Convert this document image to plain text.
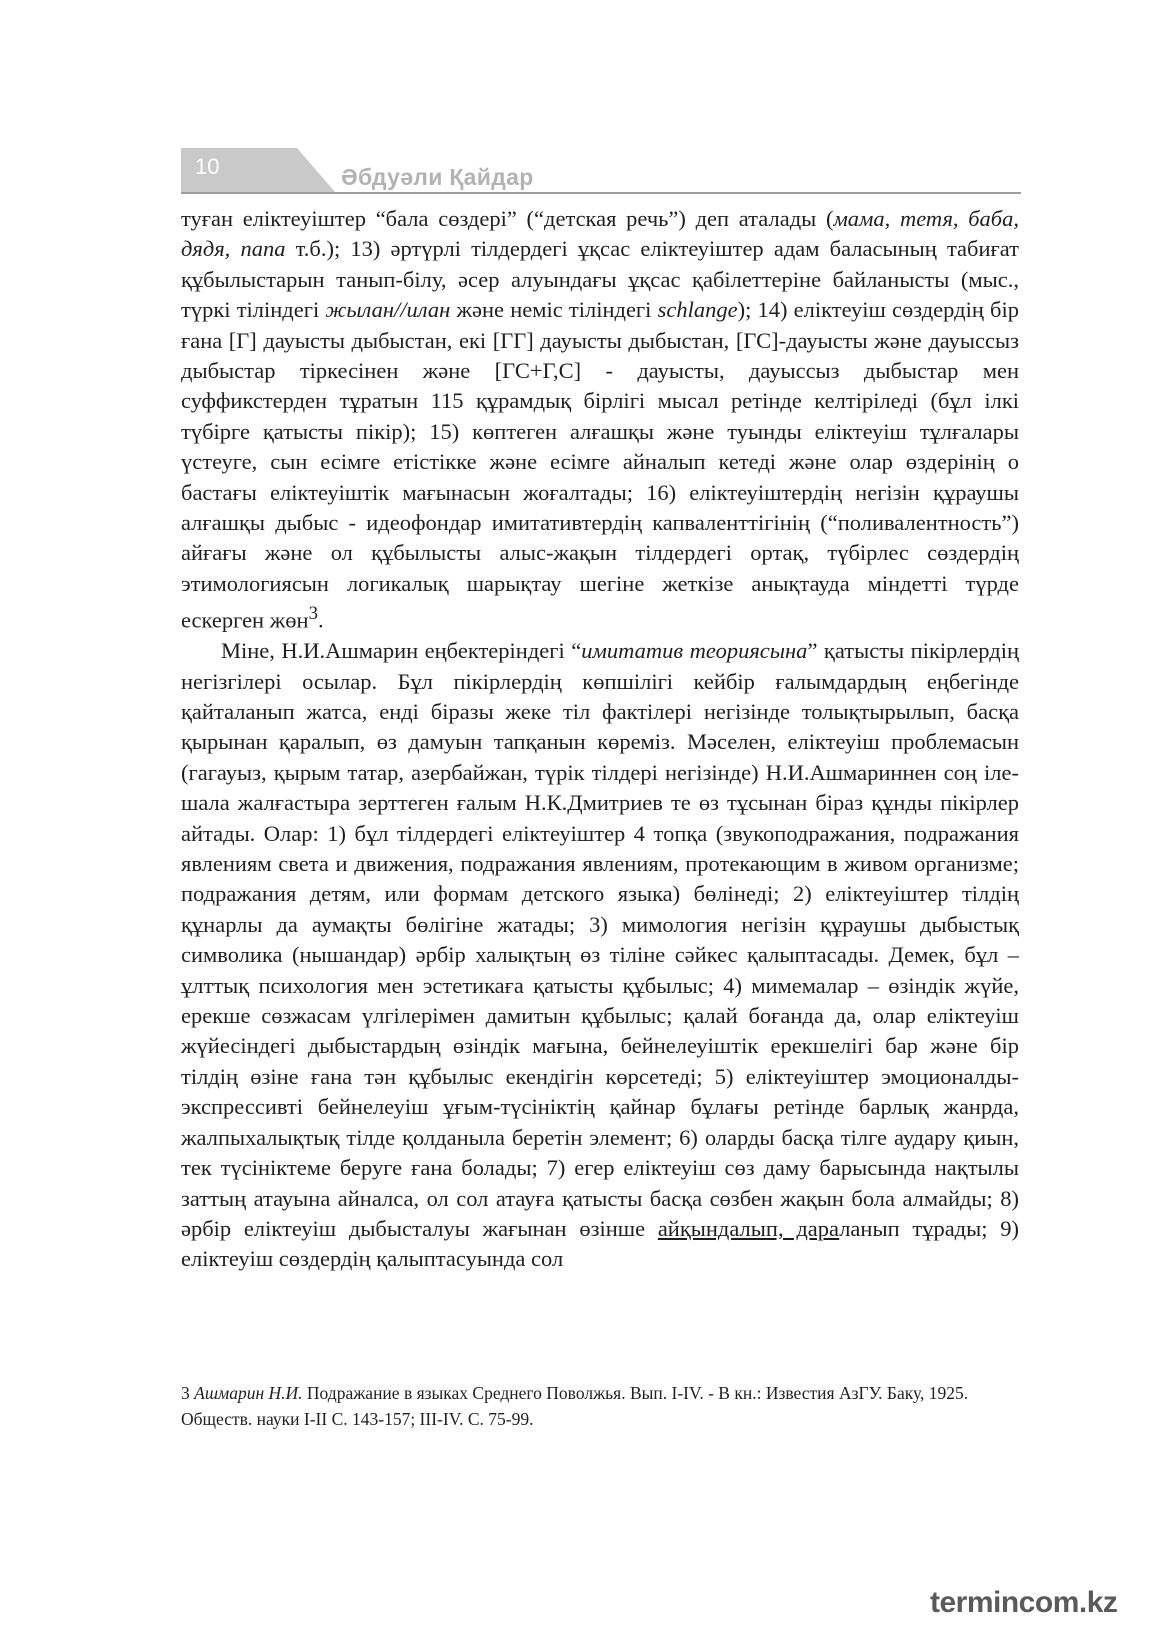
10	Әбдуәли Қайдар

туған еліктеуіштер “бала сөздері” (“детская речь”) деп аталады (мама, тетя, баба, дядя, папа т.б.); 13) әртүрлі тілдердегі ұқсас еліктеуіштер адам баласының табиғат құбылыстарын танып-білу, әсер алуындағы ұқсас қабілеттеріне байланысты (мыс., түркі тіліндегі жылан//илан және неміс тіліндегі schlange); 14) еліктеуіш сөздердің бір ғана [Г] дауысты дыбыстан, екі [ГГ] дауысты дыбыстан, [ГС]-дауысты және дауыссыз дыбыстар тіркесінен және [ГС+Г,С] - дауысты, дауыссыз дыбыстар мен суффикстерден тұратын 115 құрамдық бірлігі мысал ретінде келтіріледі (бұл ілкі түбірге қатысты пікір); 15) көптеген алғашқы және туынды еліктеуіш тұлғалары үстеуге, сын есімге етістікке және есімге айналып кетеді және олар өздерінің о бастағы еліктеуіштік мағынасын жоғалтады; 16) еліктеуіштердің негізін құраушы алғашқы дыбыс - идеофондар имитативтердің капваленттігінің (“поливалентность”) айғағы және ол құбылысты алыс-жақын тілдердегі ортақ, түбірлес сөздердің этимологиясын логикалық шарықтау шегіне жеткізе анықтауда міндетті түрде ескерген жөн$^3$.

Міне, Н.И.Ашмарин еңбектеріндегі “имитатив теориясына” қатысты пікірлердің негізгілері осылар. Бұл пікірлердің көпшілігі кейбір ғалымдардың еңбегінде қайталанып жатса, енді біразы жеке тіл фактілері негізінде толықтырылып, басқа қырынан қаралып, өз дамуын тапқанын көреміз. Мәселен, еліктеуіш проблемасын (гагауыз, қырым татар, азербайжан, түрік тілдері негізінде) Н.И.Ашмариннен соң іле-шала жалғастыра зерттеген ғалым Н.К.Дмитриев те өз тұсынан біраз құнды пікірлер айтады. Олар: 1) бұл тілдердегі еліктеуіштер 4 топқа (звукоподражания, подражания явлениям света и движения, подражания явлениям, протекающим в живом организме; подражания детям, или формам детского языка) бөлінеді; 2) еліктеуіштер тілдің құнарлы да аумақты бөлігіне жатады; 3) мимология негізін құраушы дыбыстық символика (нышандар) әрбір халықтың өз тіліне сәйкес қалыптасады. Демек, бұл – ұлттық психология мен эстетикаға қатысты құбылыс; 4) мимемалар – өзіндік жүйе, ерекше сөзжасам үлгілерімен дамитын құбылыс; қалай боғанда да, олар еліктеуіш жүйесіндегі дыбыстардың өзіндік мағына, бейнелеуіштік ерекшелігі бар және бір тілдің өзіне ғана тән құбылыс екендігін көрсетеді; 5) еліктеуіштер эмоционалды-экспрессивті бейнелеуіш ұғым-түсініктің қайнар бұлағы ретінде барлық жанрда, жалпыхалықтық тілде қолданыла беретін элемент; 6) оларды басқа тілге аудару қиын, тек түсініктеме беруге ғана болады; 7) егер еліктеуіш сөз даму барысында нақтылы заттың атауына айналса, ол сол атауға қатысты басқа сөзбен жақын бола алмайды; 8) әрбір еліктеуіш дыбысталуы жағынан өзінше айқындалып, дараланып тұрады; 9) еліктеуіш сөздердің қалыптасуында сол

3 Ашмарин Н.И. Подражание в языках Среднего Поволжья. Вып. I-IV. - В кн.: Известия АзГУ. Баку, 1925. Обществ. науки I-II С. 143-157; III-IV. С. 75-99.
termincom.kz
